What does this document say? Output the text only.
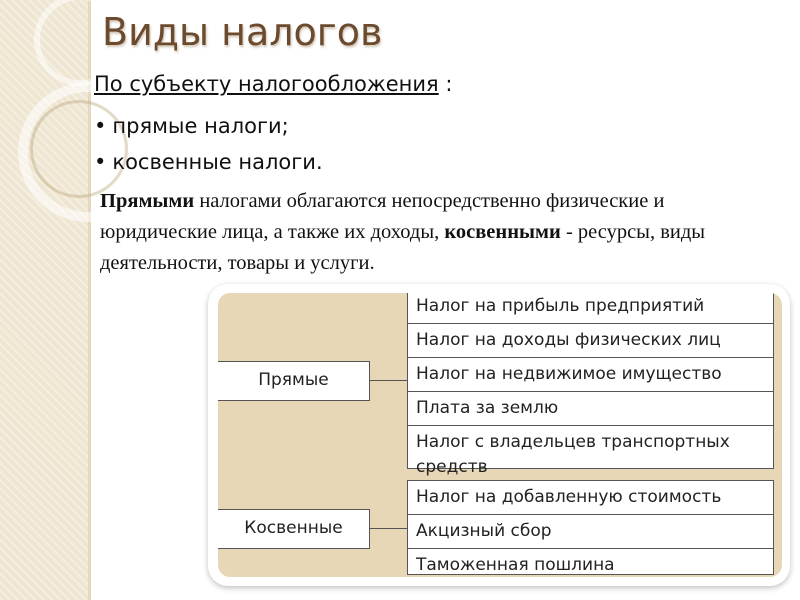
Виды налогов
По субъекту налогообложения :
• прямые налоги;
• косвенные налоги.
Прямыми налогами облагаются непосредственно физические и юридические лица, а также их доходы, косвенными - ресурсы, виды деятельности, товары и услуги.
Прямые
Налог на прибыль предприятий
Налог на доходы физических лиц
Налог на недвижимое имущество
Плата за землю
Налог с владельцев транспортных средств
Косвенные
Налог на добавленную стоимость
Акцизный сбор
Таможенная пошлина
